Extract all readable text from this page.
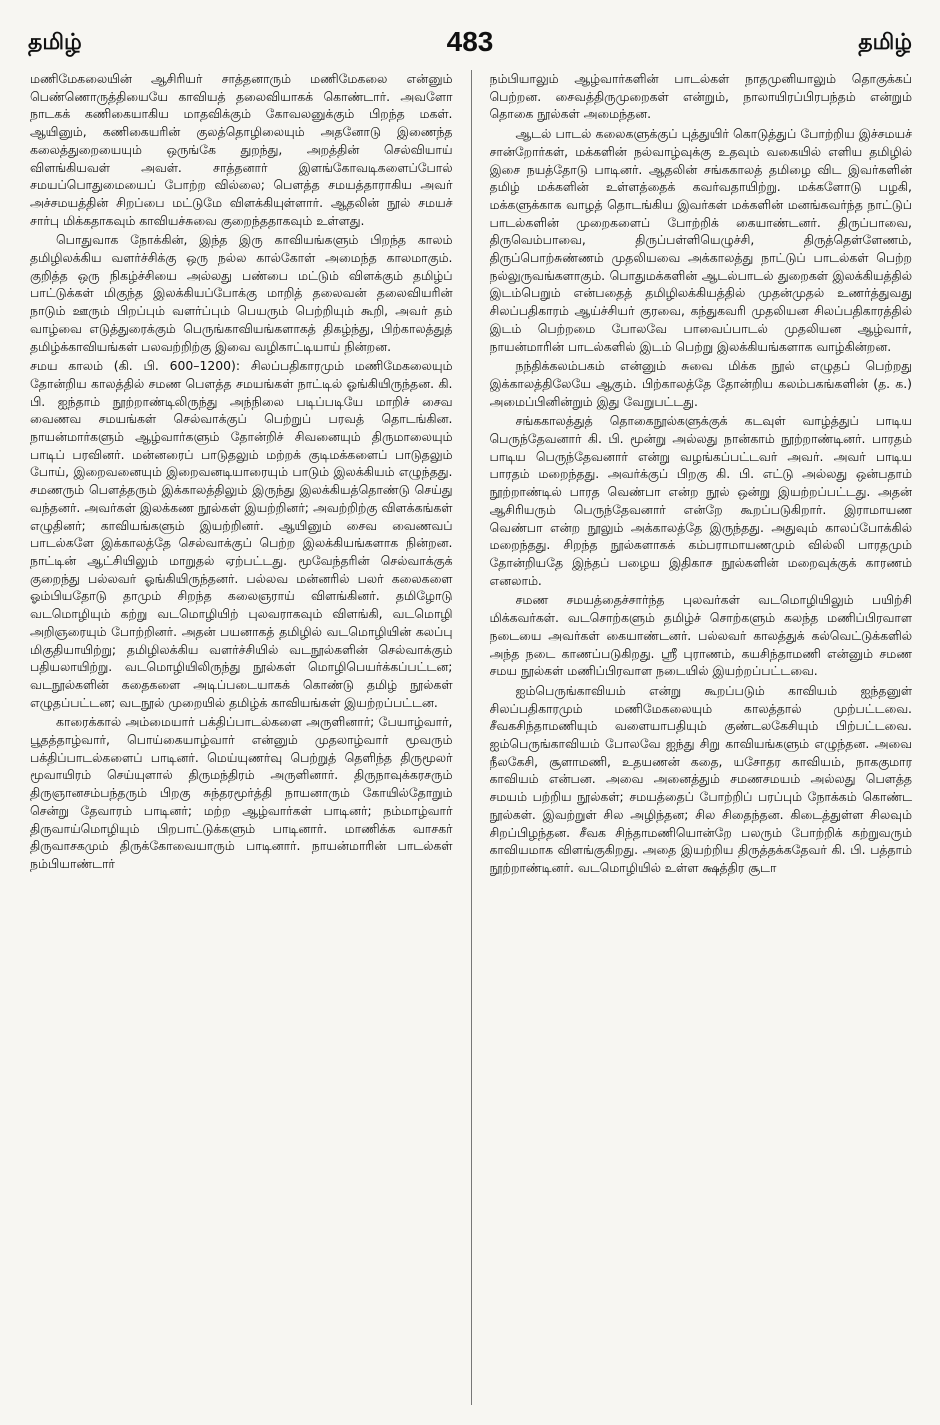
தமிழ்	483	தமிழ்

மணிமேகலையின் ஆசிரியர் சாத்தனாரும் மணிமேகலை என்னும் பெண்ணொருத்தியையே காவியத் தலைவியாகக் கொண்டார். அவளோ நாடகக் கணிகையாகிய மாதவிக்கும் கோவலனுக்கும் பிறந்த மகள். ஆயினும், கணிகையரின் குலத்தொழிலையும் அதனோடு இணைந்த கலைத்துறையையும் ஒருங்கே துறந்து, அறத்தின் செல்வியாய் விளங்கியவள் அவள். சாத்தனார் இளங்கோவடிகளைப்போல் சமயப்பொதுமையைப் போற்ற வில்லை; பௌத்த சமயத்தாராகிய அவர் அச்சமயத்தின் சிறப்பை மட்டுமே விளக்கியுள்ளார். ஆதலின் நூல் சமயச் சார்பு மிக்கதாகவும் காவியச்சுவை குறைந்ததாகவும் உள்ளது.

பொதுவாக நோக்கின், இந்த இரு காவியங்களும் பிறந்த காலம் தமிழிலக்கிய வளர்ச்சிக்கு ஒரு நல்ல கால்கோள் அமைந்த காலமாகும். குறித்த ஒரு நிகழ்ச்சியை அல்லது பண்பை மட்டும் விளக்கும் தமிழ்ப் பாட்டுக்கள் மிகுந்த இலக்கியப்போக்கு மாறித் தலைவன் தலைவியரின் நாடும் ஊரும் பிறப்பும் வளர்ப்பும் பெயரும் பெற்றியும் கூறி, அவர் தம் வாழ்வை எடுத்துரைக்கும் பெருங்காவியங்களாகத் திகழ்ந்து, பிற்காலத்துத் தமிழ்க்காவியங்கள் பலவற்றிற்கு இவை வழிகாட்டியாய் நின்றன.

சமய காலம் (கி. பி. 600–1200): சிலப்பதிகாரமும் மணிமேகலையும் தோன்றிய காலத்தில் சமண பௌத்த சமயங்கள் நாட்டில் ஓங்கியிருந்தன. கி. பி. ஐந்தாம் நூற்றாண்டிலிருந்து அந்நிலை படிப்படியே மாறிச் சைவ வைணவ சமயங்கள் செல்வாக்குப் பெற்றுப் பரவத் தொடங்கின. நாயன்மார்களும் ஆழ்வார்களும் தோன்றிச் சிவனையும் திருமாலையும் பாடிப் பரவினர். மன்னரைப் பாடுதலும் மற்றக் குடிமக்களைப் பாடுதலும் போய், இறைவனையும் இறைவனடியாரையும் பாடும் இலக்கியம் எழுந்தது. சமணரும் பௌத்தரும் இக்காலத்திலும் இருந்து இலக்கியத்தொண்டு செய்து வந்தனர். அவர்கள் இலக்கண நூல்கள் இயற்றினர்; அவற்றிற்கு விளக்கங்கள் எழுதினர்; காவியங்களும் இயற்றினர். ஆயினும் சைவ வைணவப் பாடல்களே இக்காலத்தே செல்வாக்குப் பெற்ற இலக்கியங்களாக நின்றன. நாட்டின் ஆட்சியிலும் மாறுதல் ஏற்பட்டது. மூவேந்தரின் செல்வாக்குக் குறைந்து பல்லவர் ஓங்கியிருந்தனர். பல்லவ மன்னரில் பலர் கலைகளை ஓம்பியதோடு தாமும் சிறந்த கலைஞராய் விளங்கினர். தமிழோடு வடமொழியும் கற்று வடமொழியிற் புலவராகவும் விளங்கி, வடமொழி அறிஞரையும் போற்றினர். அதன் பயனாகத் தமிழில் வடமொழியின் கலப்பு மிகுதியாயிற்று; தமிழிலக்கிய வளர்ச்சியில் வடநூல்களின் செல்வாக்கும் பதியலாயிற்று. வடமொழியிலிருந்து நூல்கள் மொழிபெயர்க்கப்பட்டன; வடநூல்களின் கதைகளை அடிப்படையாகக் கொண்டு தமிழ் நூல்கள் எழுதப்பட்டன; வடநூல் முறையில் தமிழ்க் காவியங்கள் இயற்றப்பட்டன.

காரைக்கால் அம்மையார் பக்திப்பாடல்களை அருளினார்; பேயாழ்வார், பூதத்தாழ்வார், பொய்கையாழ்வார் என்னும் முதலாழ்வார் மூவரும் பக்திப்பாடல்களைப் பாடினர். மெய்யுணர்வு பெற்றுத் தெளிந்த திருமூலர் மூவாயிரம் செய்யுளால் திருமந்திரம் அருளினார். திருநாவுக்கரசரும் திருஞானசம்பந்தரும் பிறகு சுந்தரமூர்த்தி நாயனாரும் கோயில்தோறும் சென்று தேவாரம் பாடினர்; மற்ற ஆழ்வார்கள் பாடினர்; நம்மாழ்வார் திருவாய்மொழியும் பிறபாட்டுக்களும் பாடினார். மாணிக்க வாசகர் திருவாசகமும் திருக்கோவையாரும் பாடினார். நாயன்மாரின் பாடல்கள் நம்பியாண்டார்

நம்பியாலும் ஆழ்வார்களின் பாடல்கள் நாதமுனியாலும் தொகுக்கப் பெற்றன. சைவத்திருமுறைகள் என்றும், நாலாயிரப்பிரபந்தம் என்றும் தொகை நூல்கள் அமைந்தன.

ஆடல் பாடல் கலைகளுக்குப் புத்துயிர் கொடுத்துப் போற்றிய இச்சமயச் சான்றோர்கள், மக்களின் நல்வாழ்வுக்கு உதவும் வகையில் எளிய தமிழில் இசை நயத்தோடு பாடினர். ஆதலின் சங்ககாலத் தமிழை விட இவர்களின் தமிழ் மக்களின் உள்ளத்தைக் கவர்வதாயிற்று. மக்களோடு பழகி, மக்களுக்காக வாழத் தொடங்கிய இவர்கள் மக்களின் மனங்கவர்ந்த நாட்டுப் பாடல்களின் முறைகளைப் போற்றிக் கையாண்டனர். திருப்பாவை, திருவெம்பாவை, திருப்பள்ளியெழுச்சி, திருத்தெள்ளேணம், திருப்பொற்சுண்ணம் முதலியவை அக்காலத்து நாட்டுப் பாடல்கள் பெற்ற நல்லுருவங்களாகும். பொதுமக்களின் ஆடல்பாடல் துறைகள் இலக்கியத்தில் இடம்பெறும் என்பதைத் தமிழிலக்கியத்தில் முதன்முதல் உணர்த்துவது சிலப்பதிகாரம் ஆய்ச்சியர் குரவை, கந்துகவரி முதலியன சிலப்பதிகாரத்தில் இடம் பெற்றமை போலவே பாவைப்பாடல் முதலியன ஆழ்வார், நாயன்மாரின் பாடல்களில் இடம் பெற்று இலக்கியங்களாக வாழ்கின்றன.

நந்திக்கலம்பகம் என்னும் சுவை மிக்க நூல் எழுதப் பெற்றது இக்காலத்திலேயே ஆகும். பிற்காலத்தே தோன்றிய கலம்பகங்களின் (த. க.) அமைப்பினின்றும் இது வேறுபட்டது.

சங்ககாலத்துத் தொகைநூல்களுக்குக் கடவுள் வாழ்த்துப் பாடிய பெருந்தேவனார் கி. பி. மூன்று அல்லது நான்காம் நூற்றாண்டினர். பாரதம் பாடிய பெருந்தேவனார் என்று வழங்கப்பட்டவர் அவர். அவர் பாடிய பாரதம் மறைந்தது. அவர்க்குப் பிறகு கி. பி. எட்டு அல்லது ஒன்பதாம் நூற்றாண்டில் பாரத வெண்பா என்ற நூல் ஒன்று இயற்றப்பட்டது. அதன் ஆசிரியரும் பெருந்தேவனார் என்றே கூறப்படுகிறார். இராமாயண வெண்பா என்ற நூலும் அக்காலத்தே இருந்தது. அதுவும் காலப்போக்கில் மறைந்தது. சிறந்த நூல்களாகக் கம்பராமாயணமும் வில்லி பாரதமும் தோன்றியதே இந்தப் பழைய இதிகாச நூல்களின் மறைவுக்குக் காரணம் எனலாம்.

சமண சமயத்தைச்சார்ந்த புலவர்கள் வடமொழியிலும் பயிற்சி மிக்கவர்கள். வடசொற்களும் தமிழ்ச் சொற்களும் கலந்த மணிப்பிரவாள நடையை அவர்கள் கையாண்டனர். பல்லவர் காலத்துக் கல்வெட்டுக்களில் அந்த நடை காணப்படுகிறது. ஸ்ரீ புராணம், கயசிந்தாமணி என்னும் சமண சமய நூல்கள் மணிப்பிரவாள நடையில் இயற்றப்பட்டவை.

ஐம்பெருங்காவியம் என்று கூறப்படும் காவியம் ஐந்தனுள் சிலப்பதிகாரமும் மணிமேகலையும் காலத்தால் முற்பட்டவை. சீவகசிந்தாமணியும் வளையாபதியும் குண்டலகேசியும் பிற்பட்டவை. ஐம்பெருங்காவியம் போலவே ஐந்து சிறு காவியங்களும் எழுந்தன. அவை நீலகேசி, சூளாமணி, உதயணன் கதை, யசோதர காவியம், நாககுமார காவியம் என்பன. அவை அனைத்தும் சமணசமயம் அல்லது பௌத்த சமயம் பற்றிய நூல்கள்; சமயத்தைப் போற்றிப் பரப்பும் நோக்கம் கொண்ட நூல்கள். இவற்றுள் சில அழிந்தன; சில சிதைந்தன. கிடைத்துள்ள சிலவும் சிறப்பிழந்தன. சீவக சிந்தாமணியொன்றே பலரும் போற்றிக் கற்றுவரும் காவியமாக விளங்குகிறது. அதை இயற்றிய திருத்தக்கதேவர் கி. பி. பத்தாம் நூற்றாண்டினர். வடமொழியில் உள்ள க்ஷத்திர சூடா
